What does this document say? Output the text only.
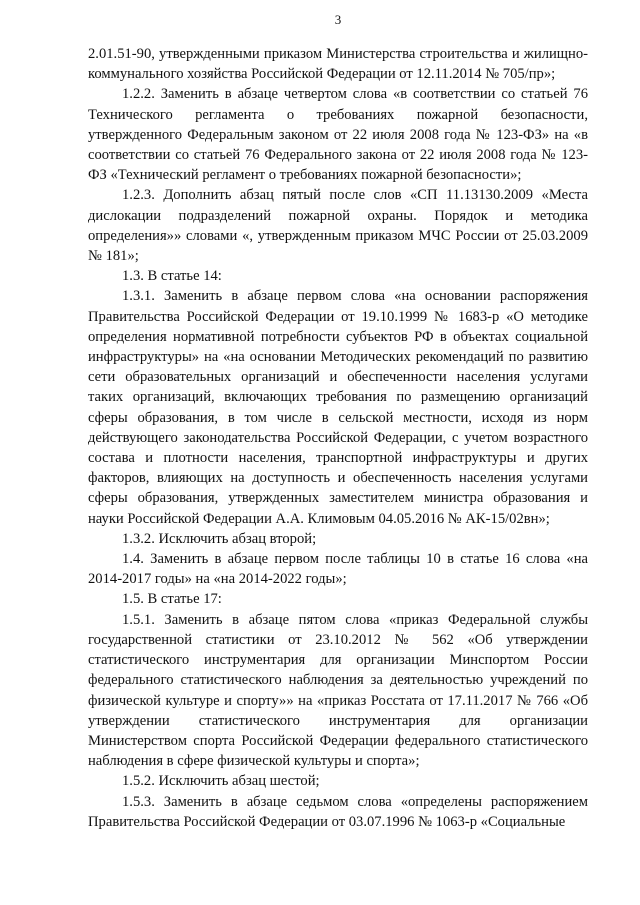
3

2.01.51-90, утвержденными приказом Министерства строительства и жилищно-коммунального хозяйства Российской Федерации от 12.11.2014 № 705/пр»;

1.2.2. Заменить в абзаце четвертом слова «в соответствии со статьей 76 Технического регламента о требованиях пожарной безопасности, утвержденного Федеральным законом от 22 июля 2008 года № 123-ФЗ» на «в соответствии со статьей 76 Федерального закона от 22 июля 2008 года № 123-ФЗ «Технический регламент о требованиях пожарной безопасности»;

1.2.3. Дополнить абзац пятый после слов «СП 11.13130.2009 «Места дислокации подразделений пожарной охраны. Порядок и методика определения»» словами «, утвержденным приказом МЧС России от 25.03.2009 № 181»;

1.3. В статье 14:

1.3.1. Заменить в абзаце первом слова «на основании распоряжения Правительства Российской Федерации от 19.10.1999 № 1683-р «О методике определения нормативной потребности субъектов РФ в объектах социальной инфраструктуры» на «на основании Методических рекомендаций по развитию сети образовательных организаций и обеспеченности населения услугами таких организаций, включающих требования по размещению организаций сферы образования, в том числе в сельской местности, исходя из норм действующего законодательства Российской Федерации, с учетом возрастного состава и плотности населения, транспортной инфраструктуры и других факторов, влияющих на доступность и обеспеченность населения услугами сферы образования, утвержденных заместителем министра образования и науки Российской Федерации А.А. Климовым 04.05.2016 № АК-15/02вн»;

1.3.2. Исключить абзац второй;

1.4. Заменить в абзаце первом после таблицы 10 в статье 16 слова «на 2014-2017 годы» на «на 2014-2022 годы»;

1.5. В статье 17:

1.5.1. Заменить в абзаце пятом слова «приказ Федеральной службы государственной статистики от 23.10.2012 № 562 «Об утверждении статистического инструментария для организации Минспортом России федерального статистического наблюдения за деятельностью учреждений по физической культуре и спорту»» на «приказ Росстата от 17.11.2017 № 766 «Об утверждении статистического инструментария для организации Министерством спорта Российской Федерации федерального статистического наблюдения в сфере физической культуры и спорта»;

1.5.2. Исключить абзац шестой;

1.5.3. Заменить в абзаце седьмом слова «определены распоряжением Правительства Российской Федерации от 03.07.1996 № 1063-р «Социальные
